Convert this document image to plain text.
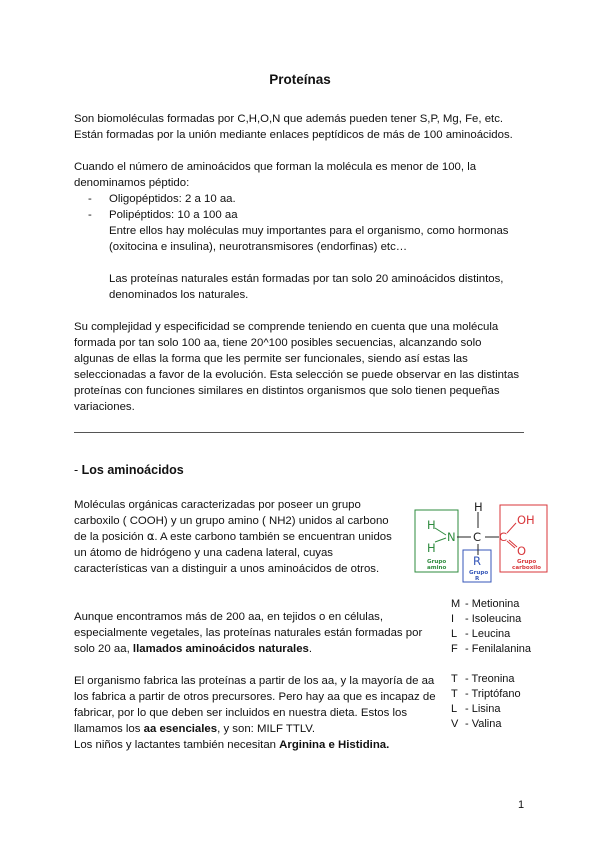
Proteínas
Son biomoléculas formadas por C,H,O,N que además pueden tener S,P, Mg, Fe, etc. Están formadas por la unión mediante enlaces peptídicos de más de 100 aminoácidos.
Cuando el número de aminoácidos que forman la molécula es menor de 100, la denominamos péptido:
- Oligopéptidos: 2 a 10 aa.
- Polipéptidos: 10 a 100 aa
Entre ellos hay moléculas muy importantes para el organismo, como hormonas (oxitocina e insulina), neurotransmisores (endorfinas) etc…
Las proteínas naturales están formadas por tan solo 20 aminoácidos distintos, denominados los naturales.
Su complejidad y especificidad se comprende teniendo en cuenta que una molécula formada por tan solo 100 aa, tiene 20^100 posibles secuencias, alcanzando solo algunas de ellas la forma que les permite ser funcionales, siendo así estas las seleccionadas a favor de la evolución. Esta selección se puede observar en las distintas proteínas con funciones similares en distintos organismos que solo tienen pequeñas variaciones.
- Los aminoácidos
Moléculas orgánicas caracterizadas por poseer un grupo carboxilo ( COOH) y un grupo amino ( NH2) unidos al carbono de la posición ⍺. A este carbono también se encuentran unidos un átomo de hidrógeno y una cadena lateral, cuyas características van a distinguir a unos aminoácidos de otros.
Aunque encontramos más de 200 aa, en tejidos o en células, especialmente vegetales, las proteínas naturales están formadas por solo 20 aa, llamados aminoácidos naturales.
El organismo fabrica las proteínas a partir de los aa, y la mayoría de aa los fabrica a partir de otros precursores. Pero hay aa que es incapaz de fabricar, por lo que deben ser incluidos en nuestra dieta. Estos los llamamos los aa esenciales, y son: MILF TTLV.
Los niños y lactantes también necesitan Arginina e Histidina.
H
H
N
H
C C
OH
O
R
Grupo
amino
Grupo
R
Grupo
carboxilo
M - Metionina
I - Isoleucina
L - Leucina
F - Fenilalanina
T - Treonina
T - Triptófano
L - Lisina
V - Valina
1
